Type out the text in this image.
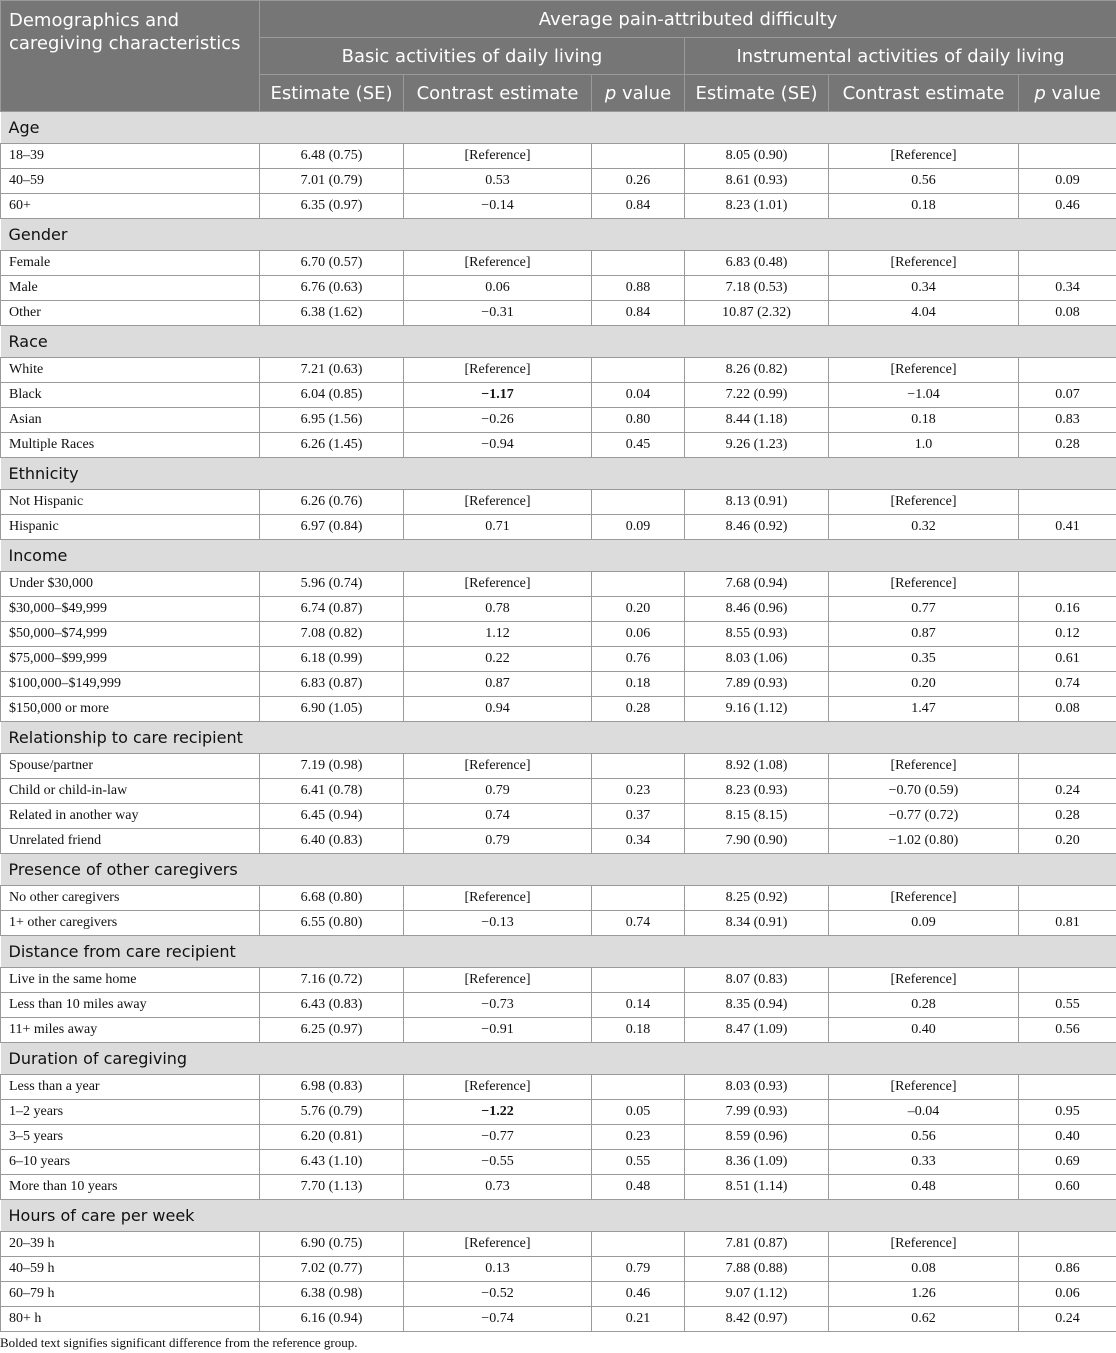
Demographics and caregiving characteristics	Average pain-attributed difficulty					
	Basic activities of daily living			Instrumental activities of daily living		
	Estimate (SE)	Contrast estimate	p value	Estimate (SE)	Contrast estimate	p value
Age						
18–39	6.48 (0.75)	[Reference]		8.05 (0.90)	[Reference]	
40–59	7.01 (0.79)	0.53	0.26	8.61 (0.93)	0.56	0.09
60+	6.35 (0.97)	−0.14	0.84	8.23 (1.01)	0.18	0.46
Gender						
Female	6.70 (0.57)	[Reference]		6.83 (0.48)	[Reference]	
Male	6.76 (0.63)	0.06	0.88	7.18 (0.53)	0.34	0.34
Other	6.38 (1.62)	−0.31	0.84	10.87 (2.32)	4.04	0.08
Race						
White	7.21 (0.63)	[Reference]		8.26 (0.82)	[Reference]	
Black	6.04 (0.85)	−1.17	0.04	7.22 (0.99)	−1.04	0.07
Asian	6.95 (1.56)	−0.26	0.80	8.44 (1.18)	0.18	0.83
Multiple Races	6.26 (1.45)	−0.94	0.45	9.26 (1.23)	1.0	0.28
Ethnicity						
Not Hispanic	6.26 (0.76)	[Reference]		8.13 (0.91)	[Reference]	
Hispanic	6.97 (0.84)	0.71	0.09	8.46 (0.92)	0.32	0.41
Income						
Under $30,000	5.96 (0.74)	[Reference]		7.68 (0.94)	[Reference]	
$30,000–$49,999	6.74 (0.87)	0.78	0.20	8.46 (0.96)	0.77	0.16
$50,000–$74,999	7.08 (0.82)	1.12	0.06	8.55 (0.93)	0.87	0.12
$75,000–$99,999	6.18 (0.99)	0.22	0.76	8.03 (1.06)	0.35	0.61
$100,000–$149,999	6.83 (0.87)	0.87	0.18	7.89 (0.93)	0.20	0.74
$150,000 or more	6.90 (1.05)	0.94	0.28	9.16 (1.12)	1.47	0.08
Relationship to care recipient						
Spouse/partner	7.19 (0.98)	[Reference]		8.92 (1.08)	[Reference]	
Child or child-in-law	6.41 (0.78)	0.79	0.23	8.23 (0.93)	−0.70 (0.59)	0.24
Related in another way	6.45 (0.94)	0.74	0.37	8.15 (8.15)	−0.77 (0.72)	0.28
Unrelated friend	6.40 (0.83)	0.79	0.34	7.90 (0.90)	−1.02 (0.80)	0.20
Presence of other caregivers						
No other caregivers	6.68 (0.80)	[Reference]		8.25 (0.92)	[Reference]	
1+ other caregivers	6.55 (0.80)	−0.13	0.74	8.34 (0.91)	0.09	0.81
Distance from care recipient						
Live in the same home	7.16 (0.72)	[Reference]		8.07 (0.83)	[Reference]	
Less than 10 miles away	6.43 (0.83)	−0.73	0.14	8.35 (0.94)	0.28	0.55
11+ miles away	6.25 (0.97)	−0.91	0.18	8.47 (1.09)	0.40	0.56
Duration of caregiving						
Less than a year	6.98 (0.83)	[Reference]		8.03 (0.93)	[Reference]	
1–2 years	5.76 (0.79)	−1.22	0.05	7.99 (0.93)	–0.04	0.95
3–5 years	6.20 (0.81)	−0.77	0.23	8.59 (0.96)	0.56	0.40
6–10 years	6.43 (1.10)	−0.55	0.55	8.36 (1.09)	0.33	0.69
More than 10 years	7.70 (1.13)	0.73	0.48	8.51 (1.14)	0.48	0.60
Hours of care per week						
20–39 h	6.90 (0.75)	[Reference]		7.81 (0.87)	[Reference]	
40–59 h	7.02 (0.77)	0.13	0.79	7.88 (0.88)	0.08	0.86
60–79 h	6.38 (0.98)	−0.52	0.46	9.07 (1.12)	1.26	0.06
80+ h	6.16 (0.94)	−0.74	0.21	8.42 (0.97)	0.62	0.24
Bolded text signifies significant difference from the reference group.
